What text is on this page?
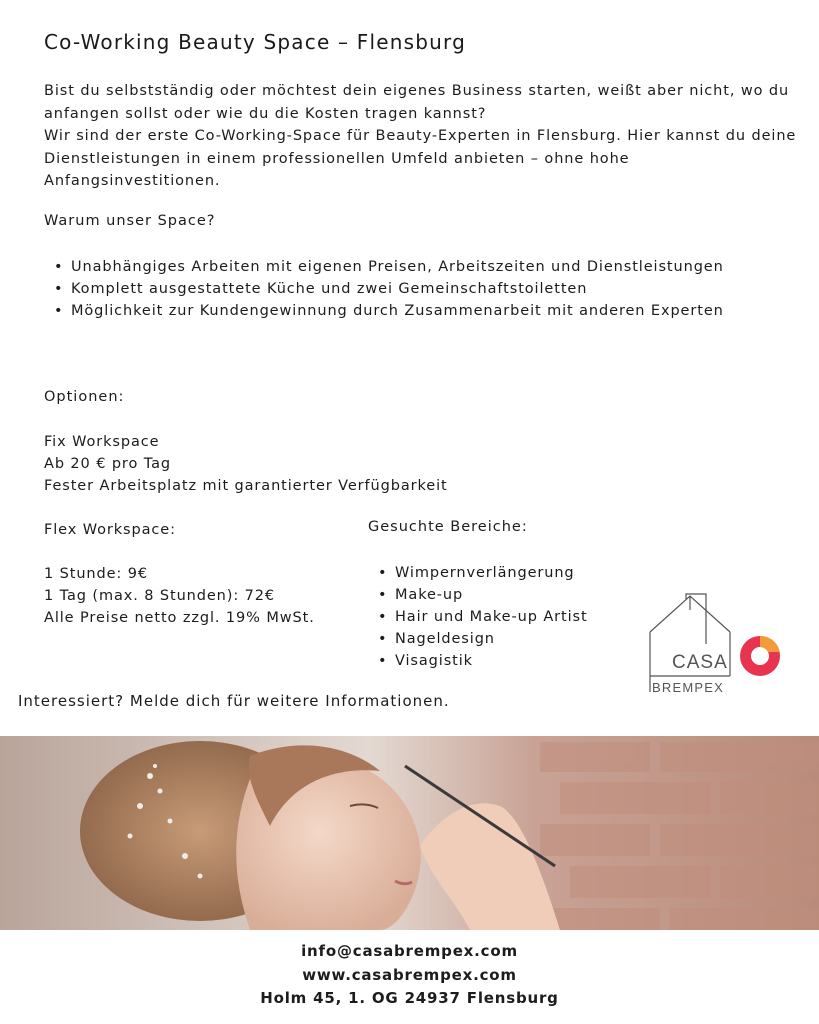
Co-Working Beauty Space – Flensburg

Bist du selbstständig oder möchtest dein eigenes Business starten, weißt aber nicht, wo du anfangen sollst oder wie du die Kosten tragen kannst?

Wir sind der erste Co-Working-Space für Beauty-Experten in Flensburg. Hier kannst du deine Dienstleistungen in einem professionellen Umfeld anbieten – ohne hohe Anfangsinvestitionen.

Warum unser Space?
• Unabhängiges Arbeiten mit eigenen Preisen, Arbeitszeiten und Dienstleistungen
• Komplett ausgestattete Küche und zwei Gemeinschaftstoiletten
• Möglichkeit zur Kundengewinnung durch Zusammenarbeit mit anderen Experten
Optionen:
Fix Workspace
Ab 20 € pro Tag
Fester Arbeitsplatz mit garantierter Verfügbarkeit
Flex Workspace:
1 Stunde: 9€
1 Tag (max. 8 Stunden): 72€
Alle Preise netto zzgl. 19% MwSt.
Gesuchte Bereiche:
• Wimpernverlängerung
• Make-up
• Hair und Make-up Artist
• Nageldesign
• Visagistik	CASA
BREMPEX
Interessiert? Melde dich für weitere Informationen.
info@casabrempex.com
www.casabrempex.com
Holm 45, 1. OG 24937 Flensburg
